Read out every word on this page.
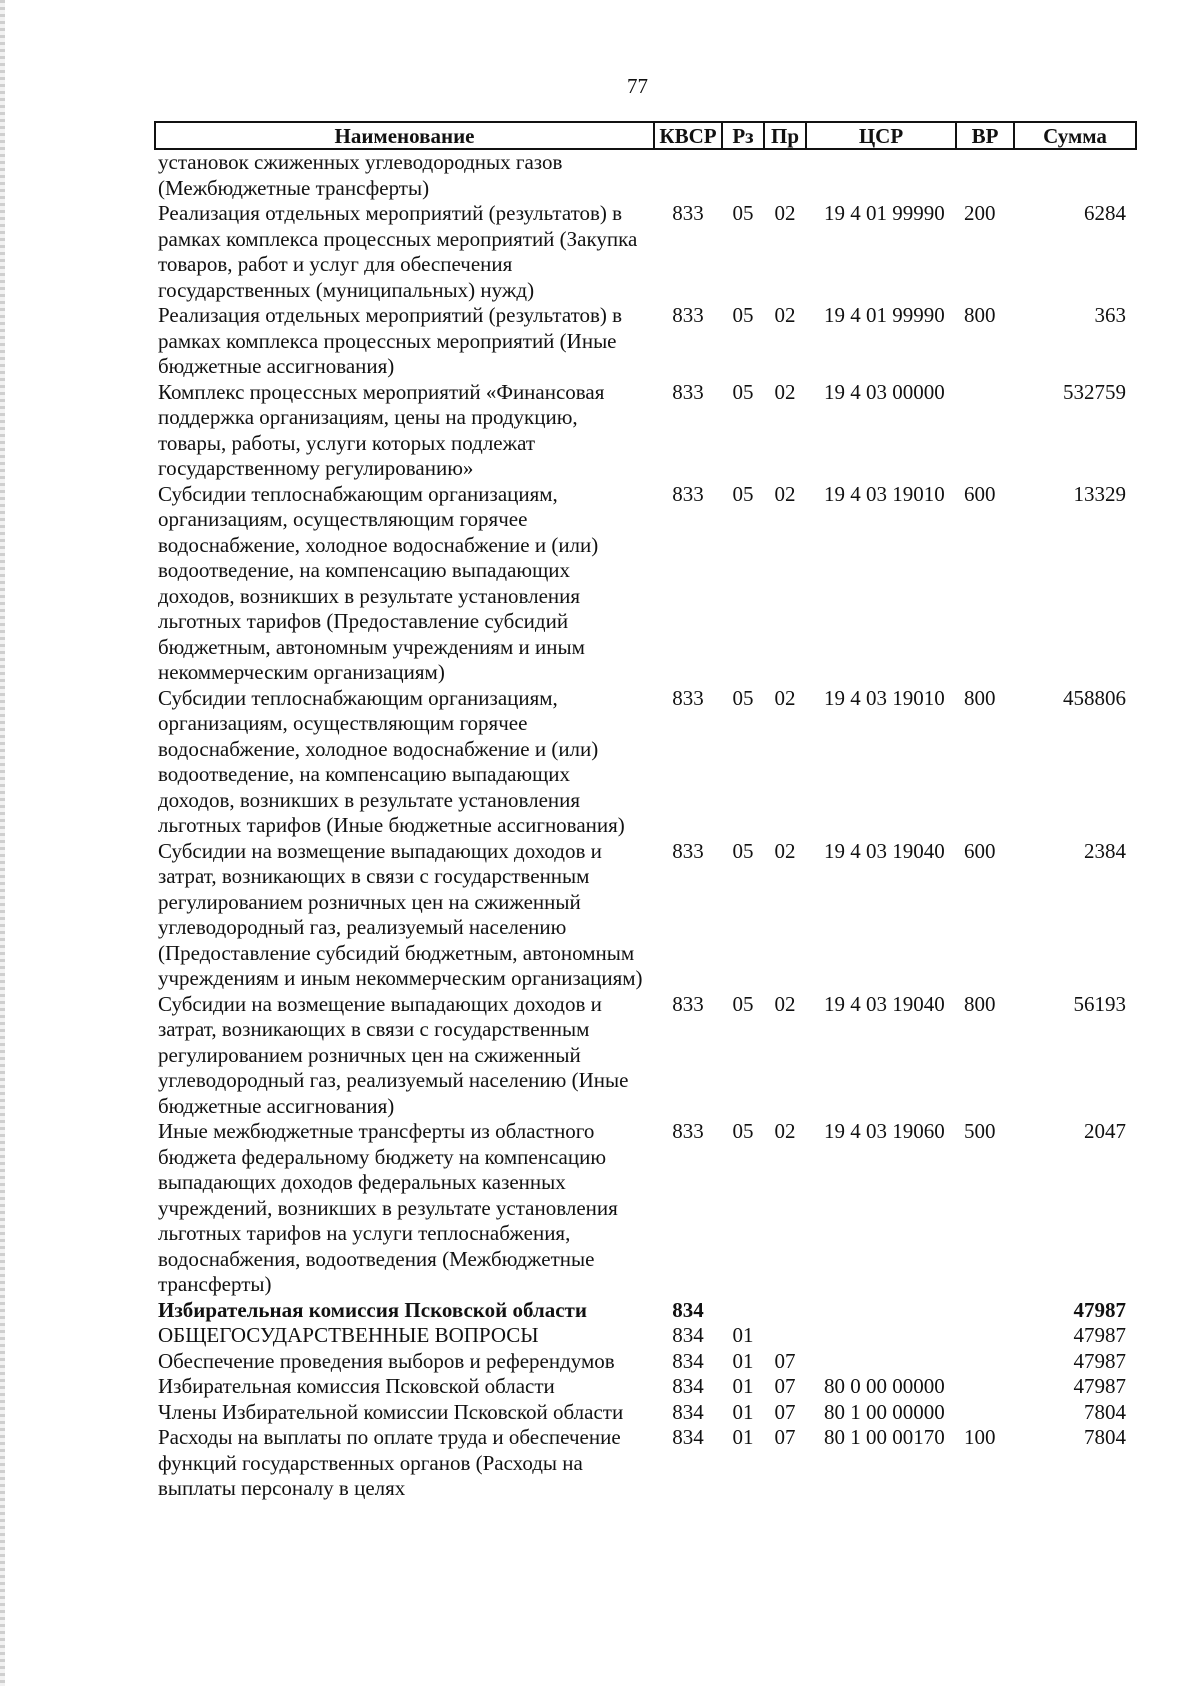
77
Наименование	КВСР	Рз	Пр	ЦСР	ВР	Сумма
установок сжиженных углеводородных газов (Межбюджетные трансферты)						
Реализация отдельных мероприятий (результатов) в рамках комплекса процессных мероприятий (Закупка товаров, работ и услуг для обеспечения государственных (муниципальных) нужд)	833	05	02	19 4 01 99990	200	6284
Реализация отдельных мероприятий (результатов) в рамках комплекса процессных мероприятий (Иные бюджетные ассигнования)	833	05	02	19 4 01 99990	800	363
Комплекс процессных мероприятий «Финансовая поддержка организациям, цены на продукцию, товары, работы, услуги которых подлежат государственному регулированию»	833	05	02	19 4 03 00000		532759
Субсидии теплоснабжающим организациям, организациям, осуществляющим горячее водоснабжение, холодное водоснабжение и (или) водоотведение, на компенсацию выпадающих доходов, возникших в результате установления льготных тарифов (Предоставление субсидий бюджетным, автономным учреждениям и иным некоммерческим организациям)	833	05	02	19 4 03 19010	600	13329
Субсидии теплоснабжающим организациям, организациям, осуществляющим горячее водоснабжение, холодное водоснабжение и (или) водоотведение, на компенсацию выпадающих доходов, возникших в результате установления льготных тарифов (Иные бюджетные ассигнования)	833	05	02	19 4 03 19010	800	458806
Субсидии на возмещение выпадающих доходов и затрат, возникающих в связи с государственным регулированием розничных цен на сжиженный углеводородный газ, реализуемый населению (Предоставление субсидий бюджетным, автономным учреждениям и иным некоммерческим организациям)	833	05	02	19 4 03 19040	600	2384
Субсидии на возмещение выпадающих доходов и затрат, возникающих в связи с государственным регулированием розничных цен на сжиженный углеводородный газ, реализуемый населению (Иные бюджетные ассигнования)	833	05	02	19 4 03 19040	800	56193
Иные межбюджетные трансферты из областного бюджета федеральному бюджету на компенсацию выпадающих доходов федеральных казенных учреждений, возникших в результате установления льготных тарифов на услуги теплоснабжения, водоснабжения, водоотведения (Межбюджетные трансферты)	833	05	02	19 4 03 19060	500	2047
Избирательная комиссия Псковской области	834					47987
ОБЩЕГОСУДАРСТВЕННЫЕ ВОПРОСЫ	834	01				47987
Обеспечение проведения выборов и референдумов	834	01	07			47987
Избирательная комиссия Псковской области	834	01	07	80 0 00 00000		47987
Члены Избирательной комиссии Псковской области	834	01	07	80 1 00 00000		7804
Расходы на выплаты по оплате труда и обеспечение функций государственных органов (Расходы на выплаты персоналу в целях	834	01	07	80 1 00 00170	100	7804
